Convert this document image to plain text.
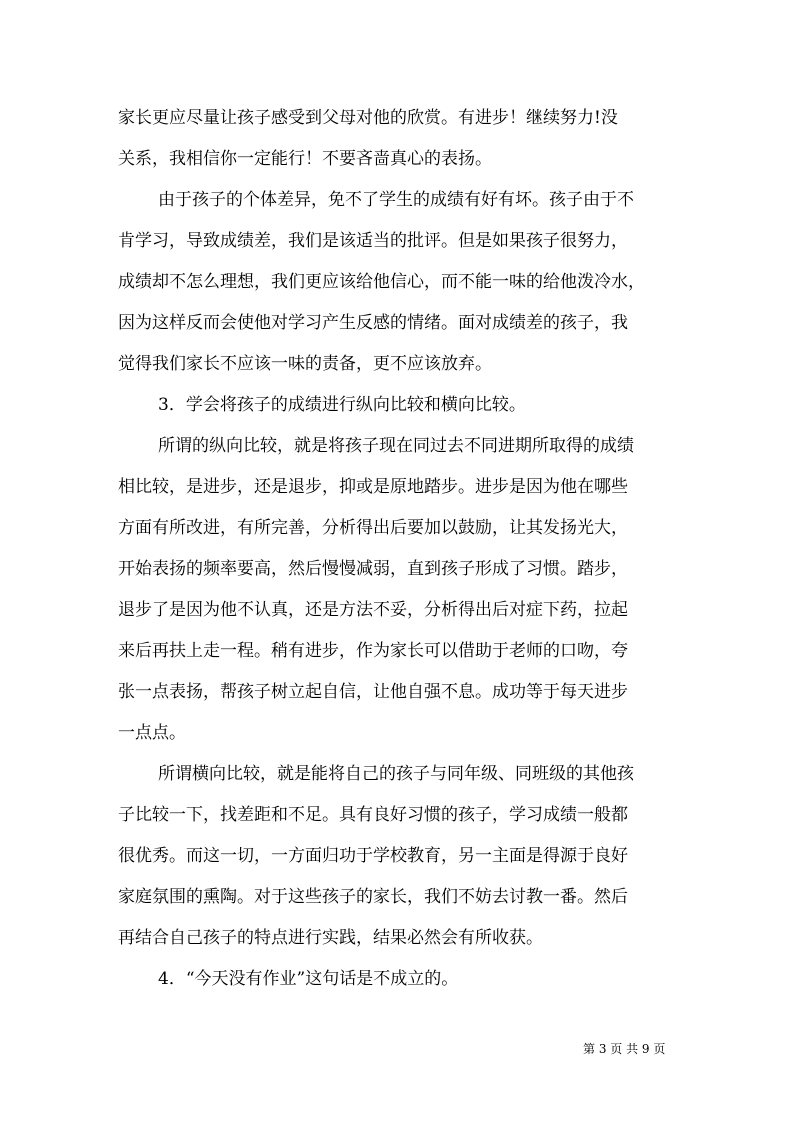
家长更应尽量让孩子感受到父母对他的欣赏。有进步！继续努力!没
关系，我相信你一定能行！不要吝啬真心的表扬。
由于孩子的个体差异，免不了学生的成绩有好有坏。孩子由于不
肯学习，导致成绩差，我们是该适当的批评。但是如果孩子很努力，
成绩却不怎么理想，我们更应该给他信心，而不能一味的给他泼冷水，
因为这样反而会使他对学习产生反感的情绪。面对成绩差的孩子，我
觉得我们家长不应该一味的责备，更不应该放弃。
3．学会将孩子的成绩进行纵向比较和横向比较。
所谓的纵向比较，就是将孩子现在同过去不同进期所取得的成绩
相比较，是进步，还是退步，抑或是原地踏步。进步是因为他在哪些
方面有所改进，有所完善，分析得出后要加以鼓励，让其发扬光大，
开始表扬的频率要高，然后慢慢减弱，直到孩子形成了习惯。踏步，
退步了是因为他不认真，还是方法不妥，分析得出后对症下药，拉起
来后再扶上走一程。稍有进步，作为家长可以借助于老师的口吻，夸
张一点表扬，帮孩子树立起自信，让他自强不息。成功等于每天进步
一点点。
所谓横向比较，就是能将自己的孩子与同年级、同班级的其他孩
子比较一下，找差距和不足。具有良好习惯的孩子，学习成绩一般都
很优秀。而这一切，一方面归功于学校教育，另一主面是得源于良好
家庭氛围的熏陶。对于这些孩子的家长，我们不妨去讨教一番。然后
再结合自己孩子的特点进行实践，结果必然会有所收获。
4．“今天没有作业”这句话是不成立的。
第 3 页 共 9 页
